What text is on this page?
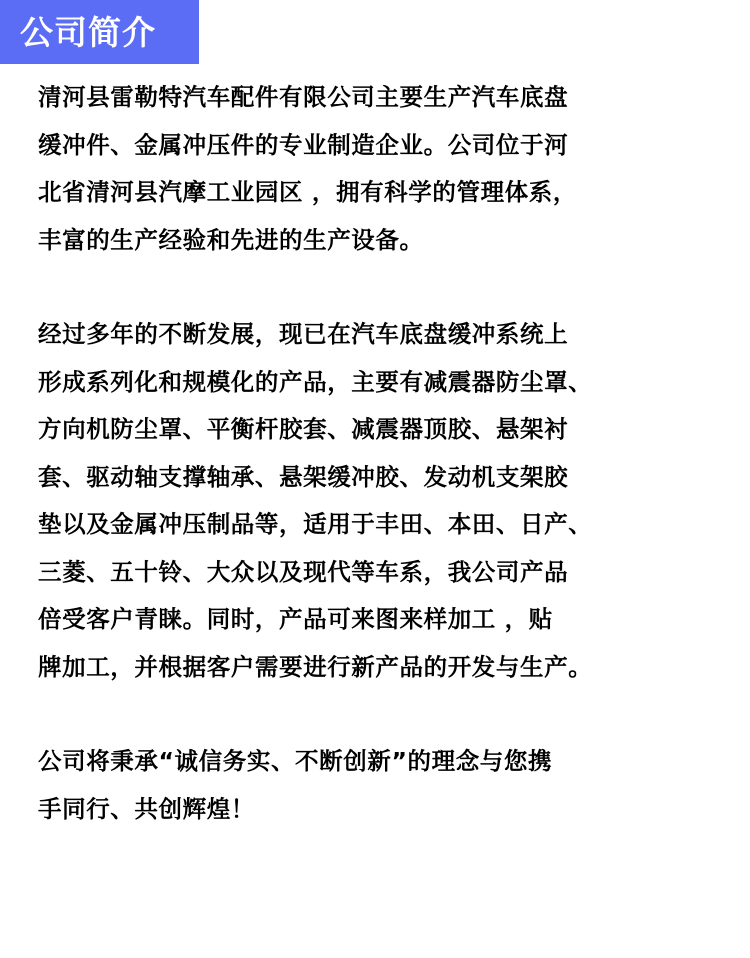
公司简介
清河县雷勒特汽车配件有限公司主要生产汽车底盘
缓冲件、金属冲压件的专业制造企业。公司位于河
北省清河县汽摩工业园区 ，拥有科学的管理体系，
丰富的生产经验和先进的生产设备。
经过多年的不断发展，现已在汽车底盘缓冲系统上
形成系列化和规模化的产品，主要有减震器防尘罩、
方向机防尘罩、平衡杆胶套、减震器顶胶、悬架衬
套、驱动轴支撑轴承、悬架缓冲胶、发动机支架胶
垫以及金属冲压制品等，适用于丰田、本田、日产、
三菱、五十铃、大众以及现代等车系，我公司产品
倍受客户青睐。同时，产品可来图来样加工 ，贴
牌加工，并根据客户需要进行新产品的开发与生产。
公司将秉承“诚信务实、不断创新”的理念与您携
手同行、共创辉煌！
